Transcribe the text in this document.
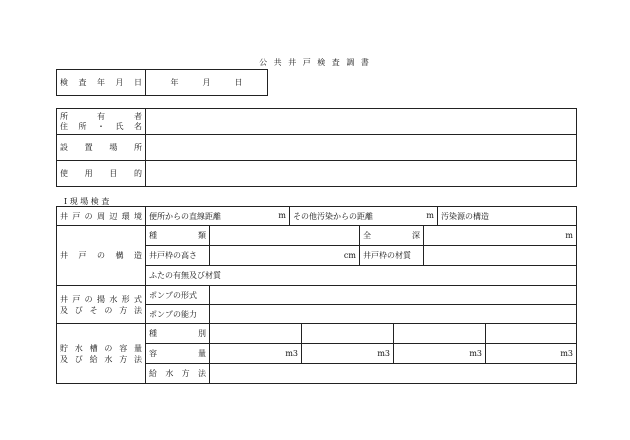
公 共 井 戸 検 査 調 書
検査年月日	年　　　月　　　日
所　　有　　者
住所・氏名	

設置場所	

使用目的	

Ⅰ 現 場 検 査
井戸の周辺環境	便所からの直線距離	m	その他汚染からの距離	m	汚染源の構造
井 戸 の 構 造	種　　類		全　　深	m
	井戸枠の高さ	cm	井戸枠の材質	
	ふたの有無及び材質			
井戸の揚水形式
及びその方法	ポンプの形式	
	ポンプの能力	
貯水槽の容量
及び給水方法	種　　別				

	容　　量	m3	m3	m3	m3

	給水方法				
